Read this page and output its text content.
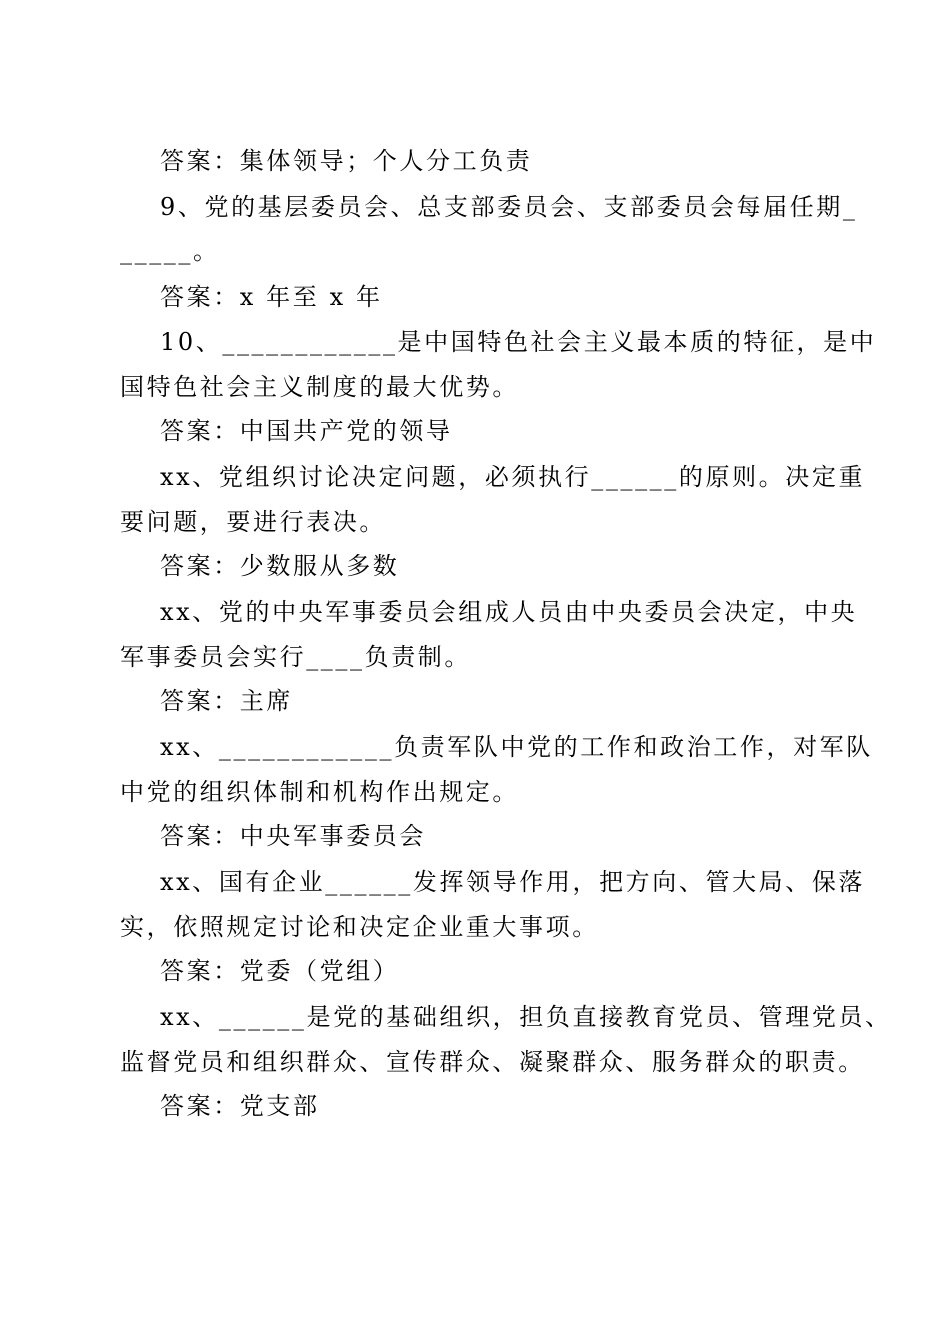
答案：集体领导；个人分工负责
9、党的基层委员会、总支部委员会、支部委员会每届任期_
_____。
答案：x 年至 x 年
10、____________是中国特色社会主义最本质的特征，是中
国特色社会主义制度的最大优势。
答案：中国共产党的领导
xx、党组织讨论决定问题，必须执行______的原则。决定重
要问题，要进行表决。
答案：少数服从多数
xx、党的中央军事委员会组成人员由中央委员会决定，中央
军事委员会实行____负责制。
答案：主席
xx、____________负责军队中党的工作和政治工作，对军队
中党的组织体制和机构作出规定。
答案：中央军事委员会
xx、国有企业______发挥领导作用，把方向、管大局、保落
实，依照规定讨论和决定企业重大事项。
答案：党委（党组）
xx、______是党的基础组织，担负直接教育党员、管理党员、
监督党员和组织群众、宣传群众、凝聚群众、服务群众的职责。
答案：党支部
